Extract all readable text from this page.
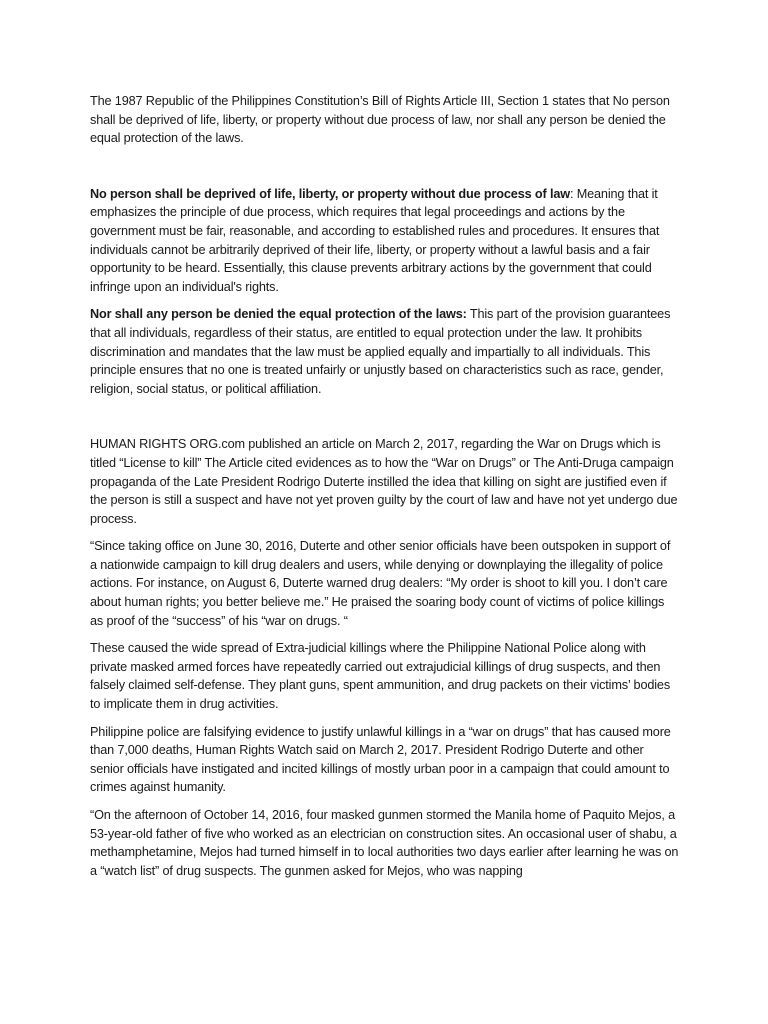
The 1987 Republic of the Philippines Constitution’s Bill of Rights Article III, Section 1 states that No person shall be deprived of life, liberty, or property without due process of law, nor shall any person be denied the equal protection of the laws.

No person shall be deprived of life, liberty, or property without due process of law: Meaning that it emphasizes the principle of due process, which requires that legal proceedings and actions by the government must be fair, reasonable, and according to established rules and procedures. It ensures that individuals cannot be arbitrarily deprived of their life, liberty, or property without a lawful basis and a fair opportunity to be heard. Essentially, this clause prevents arbitrary actions by the government that could infringe upon an individual's rights.

Nor shall any person be denied the equal protection of the laws: This part of the provision guarantees that all individuals, regardless of their status, are entitled to equal protection under the law. It prohibits discrimination and mandates that the law must be applied equally and impartially to all individuals. This principle ensures that no one is treated unfairly or unjustly based on characteristics such as race, gender, religion, social status, or political affiliation.

HUMAN RIGHTS ORG.com published an article on March 2, 2017, regarding the War on Drugs which is titled “License to kill” The Article cited evidences as to how the “War on Drugs” or The Anti-Druga campaign propaganda of the Late President Rodrigo Duterte instilled the idea that killing on sight are justified even if the person is still a suspect and have not yet proven guilty by the court of law and have not yet undergo due process.

“Since taking office on June 30, 2016, Duterte and other senior officials have been outspoken in support of a nationwide campaign to kill drug dealers and users, while denying or downplaying the illegality of police actions. For instance, on August 6, Duterte warned drug dealers: “My order is shoot to kill you. I don’t care about human rights; you better believe me.” He praised the soaring body count of victims of police killings as proof of the “success” of his “war on drugs. “

These caused the wide spread of Extra-judicial killings where the Philippine National Police along with private masked armed forces have repeatedly carried out extrajudicial killings of drug suspects, and then falsely claimed self-defense. They plant guns, spent ammunition, and drug packets on their victims’ bodies to implicate them in drug activities.

Philippine police are falsifying evidence to justify unlawful killings in a “war on drugs” that has caused more than 7,000 deaths, Human Rights Watch said on March 2, 2017. President Rodrigo Duterte and other senior officials have instigated and incited killings of mostly urban poor in a campaign that could amount to crimes against humanity.

“On the afternoon of October 14, 2016, four masked gunmen stormed the Manila home of Paquito Mejos, a 53-year-old father of five who worked as an electrician on construction sites. An occasional user of shabu, a methamphetamine, Mejos had turned himself in to local authorities two days earlier after learning he was on a “watch list” of drug suspects. The gunmen asked for Mejos, who was napping
